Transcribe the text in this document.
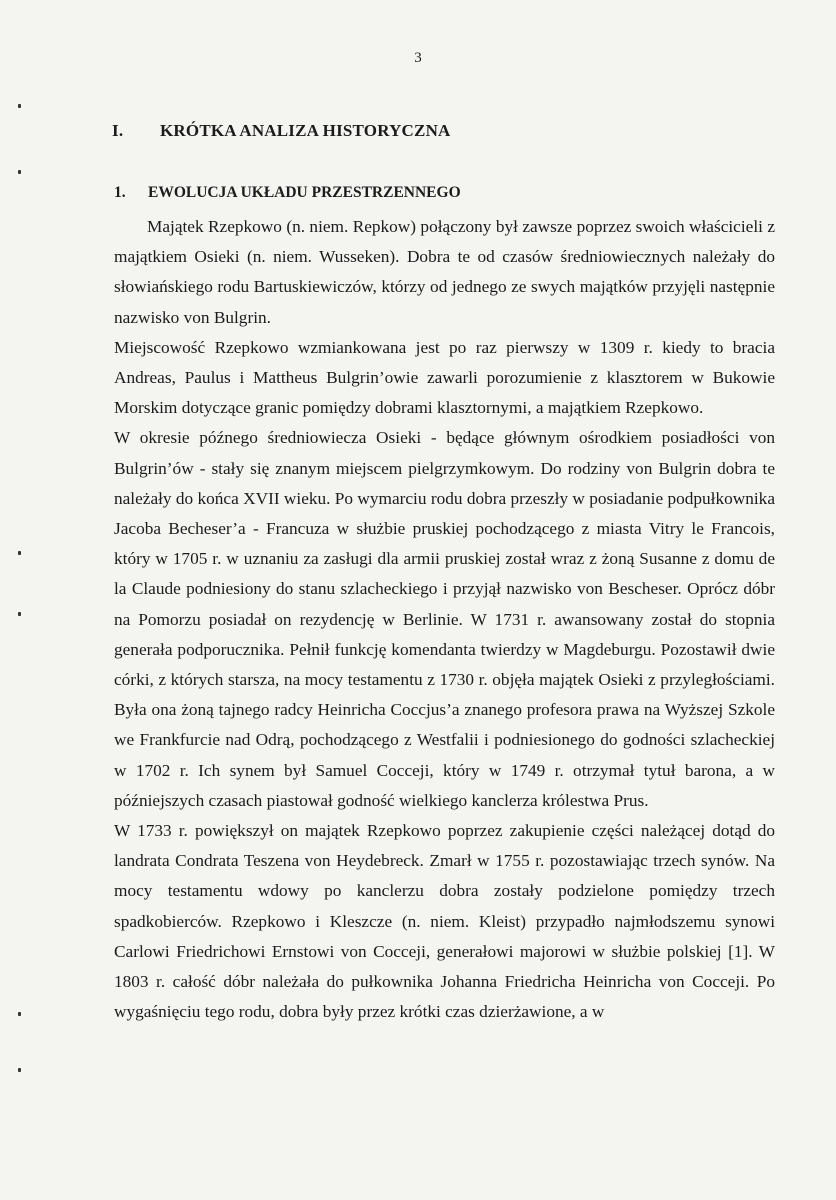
3
I. KRÓTKA ANALIZA HISTORYCZNA
1. EWOLUCJA UKŁADU PRZESTRZENNEGO

Majątek Rzepkowo (n. niem. Repkow) połączony był zawsze poprzez swoich właścicieli z majątkiem Osieki (n. niem. Wusseken). Dobra te od czasów średniowiecznych należały do słowiańskiego rodu Bartuskiewiczów, którzy od jednego ze swych majątków przyjęli następnie nazwisko von Bulgrin.

Miejscowość Rzepkowo wzmiankowana jest po raz pierwszy w 1309 r. kiedy to bracia Andreas, Paulus i Mattheus Bulgrin’owie zawarli porozumienie z klasztorem w Bukowie Morskim dotyczące granic pomiędzy dobrami klasztornymi, a majątkiem Rzepkowo.

W okresie późnego średniowiecza Osieki - będące głównym ośrodkiem posiadłości von Bulgrin’ów - stały się znanym miejscem pielgrzymkowym. Do rodziny von Bulgrin dobra te należały do końca XVII wieku. Po wymarciu rodu dobra przeszły w posiadanie podpułkownika Jacoba Becheser’a - Francuza w służbie pruskiej pochodzącego z miasta Vitry le Francois, który w 1705 r. w uznaniu za zasługi dla armii pruskiej został wraz z żoną Susanne z domu de la Claude podniesiony do stanu szlacheckiego i przyjął nazwisko von Bescheser. Oprócz dóbr na Pomorzu posiadał on rezydencję w Berlinie. W 1731 r. awansowany został do stopnia generała podporucznika. Pełnił funkcję komendanta twierdzy w Magdeburgu. Pozostawił dwie córki, z których starsza, na mocy testamentu z 1730 r. objęła majątek Osieki z przyległościami. Była ona żoną tajnego radcy Heinricha Coccjus’a znanego profesora prawa na Wyższej Szkole we Frankfurcie nad Odrą, pochodzącego z Westfalii i podniesionego do godności szlacheckiej w 1702 r. Ich synem był Samuel Cocceji, który w 1749 r. otrzymał tytuł barona, a w późniejszych czasach piastował godność wielkiego kanclerza królestwa Prus.

W 1733 r. powiększył on majątek Rzepkowo poprzez zakupienie części należącej dotąd do landrata Condrata Teszena von Heydebreck. Zmarł w 1755 r. pozostawiając trzech synów. Na mocy testamentu wdowy po kanclerzu dobra zostały podzielone pomiędzy trzech spadkobierców. Rzepkowo i Kleszcze (n. niem. Kleist) przypadło najmłodszemu synowi Carlowi Friedrichowi Ernstowi von Cocceji, generałowi majorowi w służbie polskiej [1]. W 1803 r. całość dóbr należała do pułkownika Johanna Friedricha Heinricha von Cocceji. Po wygaśnięciu tego rodu, dobra były przez krótki czas dzierżawione, a w
